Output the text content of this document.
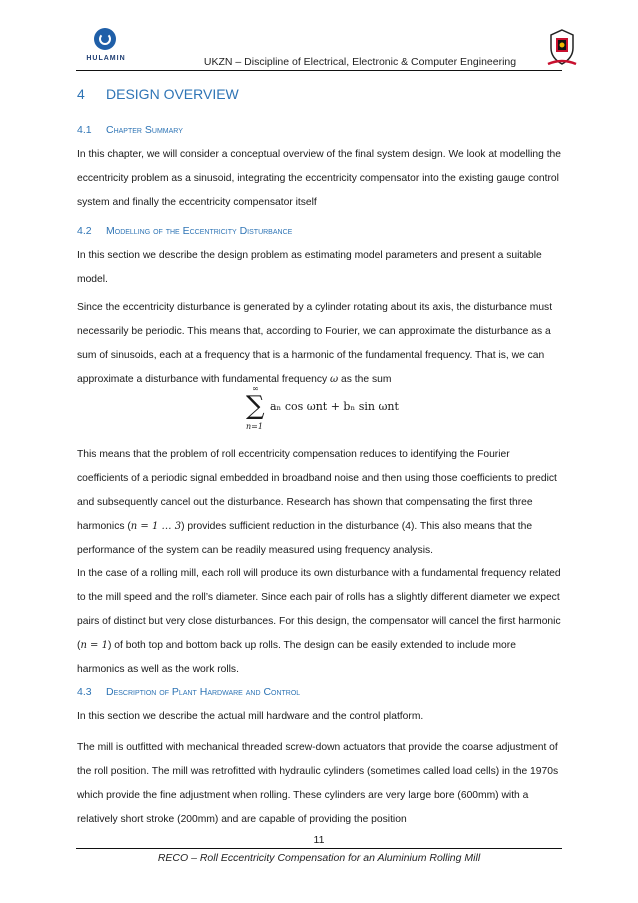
HULAMIN	UKZN – Discipline of Electrical, Electronic & Computer Engineering
4 DESIGN OVERVIEW
4.1 Chapter Summary

In this chapter, we will consider a conceptual overview of the final system design. We look at modelling the eccentricity problem as a sinusoid, integrating the eccentricity compensator into the existing gauge control system and finally the eccentricity compensator itself

4.2 Modelling of the Eccentricity Disturbance

In this section we describe the design problem as estimating model parameters and present a suitable model.

Since the eccentricity disturbance is generated by a cylinder rotating about its axis, the disturbance must necessarily be periodic. This means that, according to Fourier, we can approximate the disturbance as a sum of sinusoids, each at a frequency that is a harmonic of the fundamental frequency. That is, we can approximate a disturbance with fundamental frequency ω as the sum

∞
∑
n=1
aₙ cos ωnt + bₙ sin ωnt

This means that the problem of roll eccentricity compensation reduces to identifying the Fourier coefficients of a periodic signal embedded in broadband noise and then using those coefficients to predict and subsequently cancel out the disturbance. Research has shown that compensating the first three harmonics (n = 1 … 3) provides sufficient reduction in the disturbance (4). This also means that the performance of the system can be readily measured using frequency analysis.

In the case of a rolling mill, each roll will produce its own disturbance with a fundamental frequency related to the mill speed and the roll’s diameter. Since each pair of rolls has a slightly different diameter we expect pairs of distinct but very close disturbances. For this design, the compensator will cancel the first harmonic (n = 1) of both top and bottom back up rolls. The design can be easily extended to include more harmonics as well as the work rolls.

4.3 Description of Plant Hardware and Control

In this section we describe the actual mill hardware and the control platform.

The mill is outfitted with mechanical threaded screw-down actuators that provide the coarse adjustment of the roll position. The mill was retrofitted with hydraulic cylinders (sometimes called load cells) in the 1970s which provide the fine adjustment when rolling. These cylinders are very large bore (600mm) with a relatively short stroke (200mm) and are capable of providing the position

11
RECO – Roll Eccentricity Compensation for an Aluminium Rolling Mill
